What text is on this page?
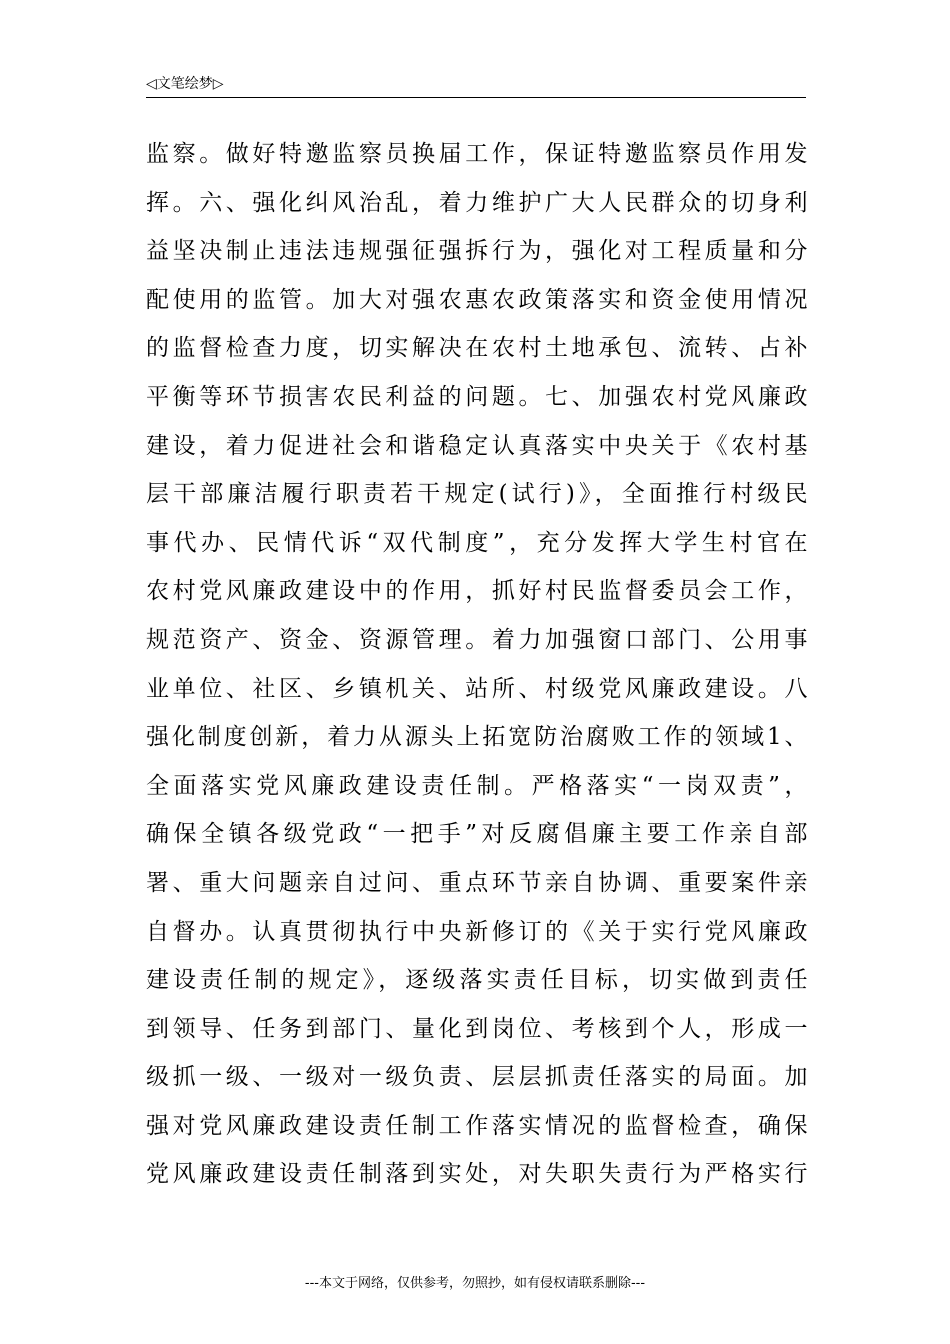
◁文笔绘梦▷
监察。做好特邀监察员换届工作，保证特邀监察员作用发
挥。六、强化纠风治乱，着力维护广大人民群众的切身利
益坚决制止违法违规强征强拆行为，强化对工程质量和分
配使用的监管。加大对强农惠农政策落实和资金使用情况
的监督检查力度，切实解决在农村土地承包、流转、占补
平衡等环节损害农民利益的问题。七、加强农村党风廉政
建设，着力促进社会和谐稳定认真落实中央关于《农村基
层干部廉洁履行职责若干规定(试行)》，全面推行村级民
事代办、民情代诉“双代制度”，充分发挥大学生村官在
农村党风廉政建设中的作用，抓好村民监督委员会工作，
规范资产、资金、资源管理。着力加强窗口部门、公用事
业单位、社区、乡镇机关、站所、村级党风廉政建设。八
强化制度创新，着力从源头上拓宽防治腐败工作的领域1、
全面落实党风廉政建设责任制。严格落实“一岗双责”，
确保全镇各级党政“一把手”对反腐倡廉主要工作亲自部
署、重大问题亲自过问、重点环节亲自协调、重要案件亲
自督办。认真贯彻执行中央新修订的《关于实行党风廉政
建设责任制的规定》，逐级落实责任目标，切实做到责任
到领导、任务到部门、量化到岗位、考核到个人，形成一
级抓一级、一级对一级负责、层层抓责任落实的局面。加
强对党风廉政建设责任制工作落实情况的监督检查，确保
党风廉政建设责任制落到实处，对失职失责行为严格实行
---本文于网络，仅供参考，勿照抄，如有侵权请联系删除---
